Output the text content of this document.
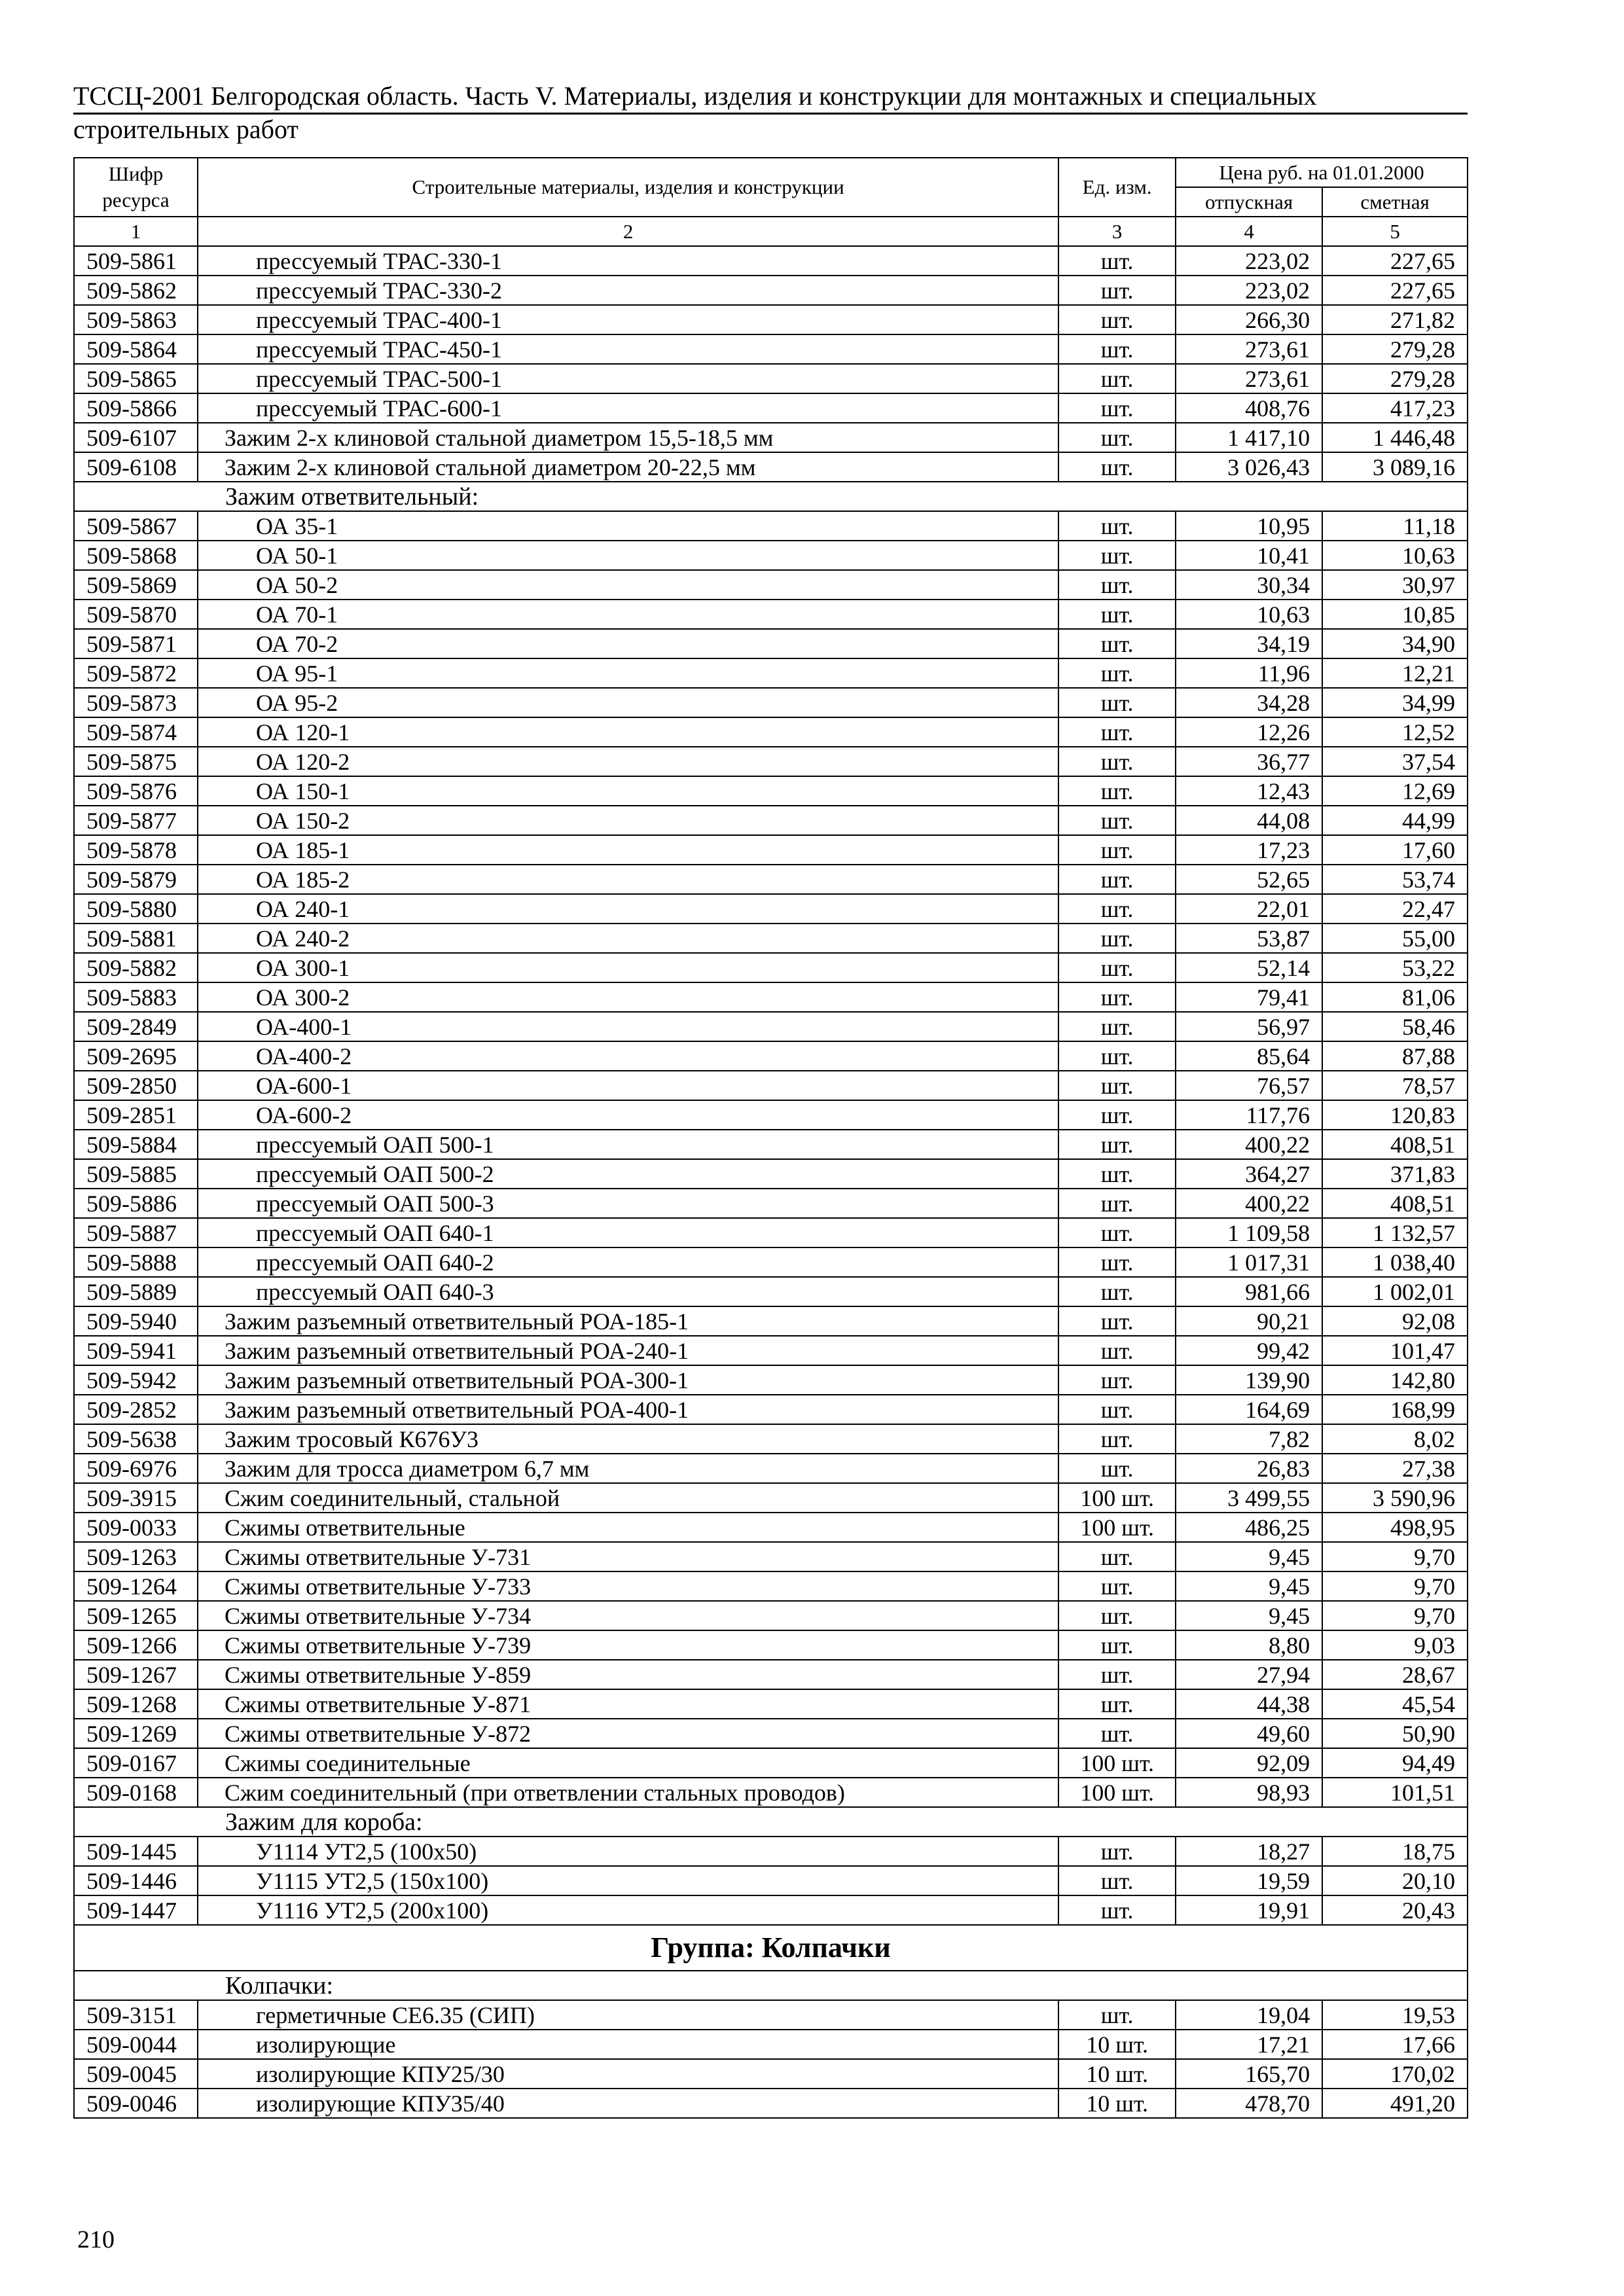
ТССЦ-2001 Белгородская область. Часть V. Материалы, изделия и конструкции для монтажных и специальных
строительных работ
Шифр ресурса	Строительные материалы, изделия и конструкции	Ед. изм.	Цена руб. на 01.01.2000	
			отпускная	сметная
1	2	3	4	5
509-5861	прессуемый ТРАС-330-1	шт.	223,02	227,65
509-5862	прессуемый ТРАС-330-2	шт.	223,02	227,65
509-5863	прессуемый ТРАС-400-1	шт.	266,30	271,82
509-5864	прессуемый ТРАС-450-1	шт.	273,61	279,28
509-5865	прессуемый ТРАС-500-1	шт.	273,61	279,28
509-5866	прессуемый ТРАС-600-1	шт.	408,76	417,23
509-6107	Зажим 2-х клиновой стальной диаметром 15,5-18,5 мм	шт.	1 417,10	1 446,48
509-6108	Зажим 2-х клиновой стальной диаметром 20-22,5 мм	шт.	3 026,43	3 089,16
Зажим ответвительный:				
509-5867	ОА 35-1	шт.	10,95	11,18
509-5868	ОА 50-1	шт.	10,41	10,63
509-5869	ОА 50-2	шт.	30,34	30,97
509-5870	ОА 70-1	шт.	10,63	10,85
509-5871	ОА 70-2	шт.	34,19	34,90
509-5872	ОА 95-1	шт.	11,96	12,21
509-5873	ОА 95-2	шт.	34,28	34,99
509-5874	ОА 120-1	шт.	12,26	12,52
509-5875	ОА 120-2	шт.	36,77	37,54
509-5876	ОА 150-1	шт.	12,43	12,69
509-5877	ОА 150-2	шт.	44,08	44,99
509-5878	ОА 185-1	шт.	17,23	17,60
509-5879	ОА 185-2	шт.	52,65	53,74
509-5880	ОА 240-1	шт.	22,01	22,47
509-5881	ОА 240-2	шт.	53,87	55,00
509-5882	ОА 300-1	шт.	52,14	53,22
509-5883	ОА 300-2	шт.	79,41	81,06
509-2849	ОА-400-1	шт.	56,97	58,46
509-2695	ОА-400-2	шт.	85,64	87,88
509-2850	ОА-600-1	шт.	76,57	78,57
509-2851	ОА-600-2	шт.	117,76	120,83
509-5884	прессуемый ОАП 500-1	шт.	400,22	408,51
509-5885	прессуемый ОАП 500-2	шт.	364,27	371,83
509-5886	прессуемый ОАП 500-3	шт.	400,22	408,51
509-5887	прессуемый ОАП 640-1	шт.	1 109,58	1 132,57
509-5888	прессуемый ОАП 640-2	шт.	1 017,31	1 038,40
509-5889	прессуемый ОАП 640-3	шт.	981,66	1 002,01
509-5940	Зажим разъемный ответвительный РОА-185-1	шт.	90,21	92,08
509-5941	Зажим разъемный ответвительный РОА-240-1	шт.	99,42	101,47
509-5942	Зажим разъемный ответвительный РОА-300-1	шт.	139,90	142,80
509-2852	Зажим разъемный ответвительный РОА-400-1	шт.	164,69	168,99
509-5638	Зажим тросовый К676У3	шт.	7,82	8,02
509-6976	Зажим для тросса диаметром 6,7 мм	шт.	26,83	27,38
509-3915	Сжим соединительный, стальной	100 шт.	3 499,55	3 590,96
509-0033	Сжимы ответвительные	100 шт.	486,25	498,95
509-1263	Сжимы ответвительные У-731	шт.	9,45	9,70
509-1264	Сжимы ответвительные У-733	шт.	9,45	9,70
509-1265	Сжимы ответвительные У-734	шт.	9,45	9,70
509-1266	Сжимы ответвительные У-739	шт.	8,80	9,03
509-1267	Сжимы ответвительные У-859	шт.	27,94	28,67
509-1268	Сжимы ответвительные У-871	шт.	44,38	45,54
509-1269	Сжимы ответвительные У-872	шт.	49,60	50,90
509-0167	Сжимы соединительные	100 шт.	92,09	94,49
509-0168	Сжим соединительный (при ответвлении стальных проводов)	100 шт.	98,93	101,51
Зажим для короба:				
509-1445	У1114 УТ2,5 (100x50)	шт.	18,27	18,75
509-1446	У1115 УТ2,5 (150x100)	шт.	19,59	20,10
509-1447	У1116 УТ2,5 (200x100)	шт.	19,91	20,43
Группа: Колпачки				
Колпачки:				
509-3151	герметичные СЕ6.35 (СИП)	шт.	19,04	19,53
509-0044	изолирующие	10 шт.	17,21	17,66
509-0045	изолирующие КПУ25/30	10 шт.	165,70	170,02
509-0046	изолирующие КПУ35/40	10 шт.	478,70	491,20
210
